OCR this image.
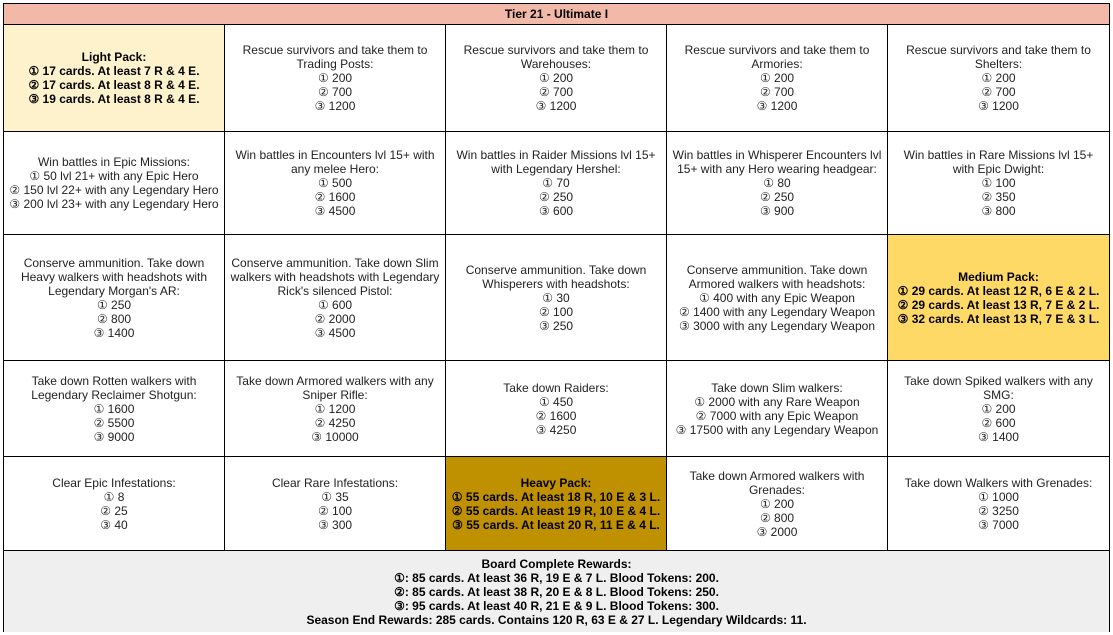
Tier 21 - Ultimate I
Light Pack:
① 17 cards. At least 7 R & 4 E.
② 17 cards. At least 8 R & 4 E.
③ 19 cards. At least 8 R & 4 E.
Rescue survivors and take them to Trading Posts:
① 200
② 700
③ 1200
Rescue survivors and take them to Warehouses:
① 200
② 700
③ 1200
Rescue survivors and take them to Armories:
① 200
② 700
③ 1200
Rescue survivors and take them to Shelters:
① 200
② 700
③ 1200
Win battles in Epic Missions:
① 50 lvl 21+ with any Epic Hero
② 150 lvl 22+ with any Legendary Hero
③ 200 lvl 23+ with any Legendary Hero
Win battles in Encounters lvl 15+ with any melee Hero:
① 500
② 1600
③ 4500
Win battles in Raider Missions lvl 15+ with Legendary Hershel:
① 70
② 250
③ 600
Win battles in Whisperer Encounters lvl 15+ with any Hero wearing headgear:
① 80
② 250
③ 900
Win battles in Rare Missions lvl 15+ with Epic Dwight:
① 100
② 350
③ 800
Conserve ammunition. Take down Heavy walkers with headshots with Legendary Morgan's AR:
① 250
② 800
③ 1400
Conserve ammunition. Take down Slim walkers with headshots with Legendary Rick's silenced Pistol:
① 600
② 2000
③ 4500
Conserve ammunition. Take down Whisperers with headshots:
① 30
② 100
③ 250
Conserve ammunition. Take down Armored walkers with headshots:
① 400 with any Epic Weapon
② 1400 with any Legendary Weapon
③ 3000 with any Legendary Weapon
Medium Pack:
① 29 cards. At least 12 R, 6 E & 2 L.
② 29 cards. At least 13 R, 7 E & 2 L.
③ 32 cards. At least 13 R, 7 E & 3 L.
Take down Rotten walkers with Legendary Reclaimer Shotgun:
① 1600
② 5500
③ 9000
Take down Armored walkers with any Sniper Rifle:
① 1200
② 4250
③ 10000
Take down Raiders:
① 450
② 1600
③ 4250
Take down Slim walkers:
① 2000 with any Rare Weapon
② 7000 with any Epic Weapon
③ 17500 with any Legendary Weapon
Take down Spiked walkers with any SMG:
① 200
② 600
③ 1400
Clear Epic Infestations:
① 8
② 25
③ 40
Clear Rare Infestations:
① 35
② 100
③ 300
Heavy Pack:
① 55 cards. At least 18 R, 10 E & 3 L.
② 55 cards. At least 19 R, 10 E & 4 L.
③ 55 cards. At least 20 R, 11 E & 4 L.
Take down Armored walkers with Grenades:
① 200
② 800
③ 2000
Take down Walkers with Grenades:
① 1000
② 3250
③ 7000
Board Complete Rewards:
①: 85 cards. At least 36 R, 19 E & 7 L. Blood Tokens: 200.
②: 85 cards. At least 38 R, 20 E & 8 L. Blood Tokens: 250.
③: 95 cards. At least 40 R, 21 E & 9 L. Blood Tokens: 300.
Season End Rewards: 285 cards. Contains 120 R, 63 E & 27 L. Legendary Wildcards: 11.
